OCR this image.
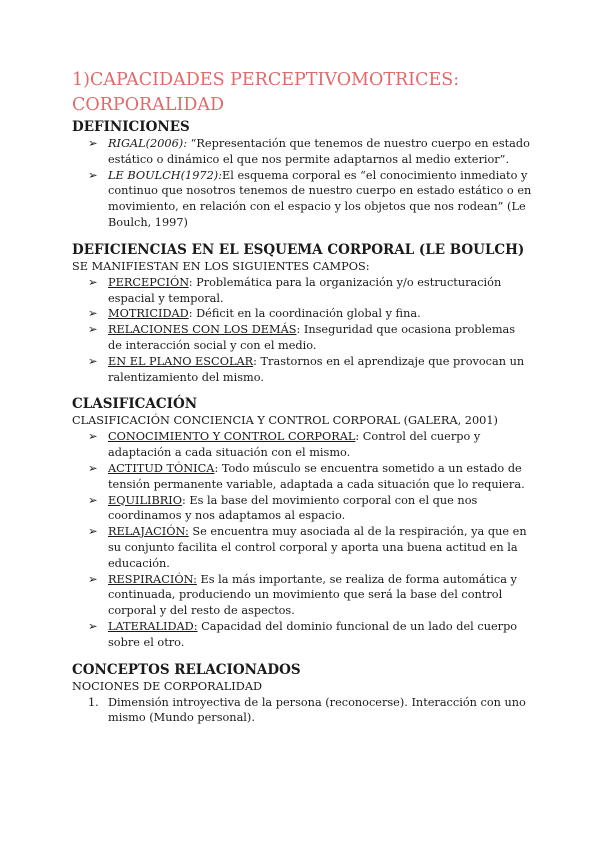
1)CAPACIDADES PERCEPTIVOMOTRICES:
CORPORALIDAD
DEFINICIONES
➢ RIGAL(2006): “Representación que tenemos de nuestro cuerpo en estado estático o dinámico el que nos permite adaptarnos al medio exterior”.
➢ LE BOULCH(1972):El esquema corporal es “el conocimiento inmediato y continuo que nosotros tenemos de nuestro cuerpo en estado estático o en movimiento, en relación con el espacio y los objetos que nos rodean” (Le Boulch, 1997)
DEFICIENCIAS EN EL ESQUEMA CORPORAL (LE BOULCH)

SE MANIFIESTAN EN LOS SIGUIENTES CAMPOS:

➢ PERCEPCIÓN: Problemática para la organización y/o estructuración espacial y temporal.
➢ MOTRICIDAD: Déficit en la coordinación global y fina.
➢ RELACIONES CON LOS DEMÁS: Inseguridad que ocasiona problemas de interacción social y con el medio.
➢ EN EL PLANO ESCOLAR: Trastornos en el aprendizaje que provocan un ralentizamiento del mismo.
CLASIFICACIÓN

CLASIFICACIÓN CONCIENCIA Y CONTROL CORPORAL (GALERA, 2001)

➢ CONOCIMIENTO Y CONTROL CORPORAL: Control del cuerpo y adaptación a cada situación con el mismo.
➢ ACTITUD TÓNICA: Todo músculo se encuentra sometido a un estado de tensión permanente variable, adaptada a cada situación que lo requiera.
➢ EQUILIBRIO: Es la base del movimiento corporal con el que nos coordinamos y nos adaptamos al espacio.
➢ RELAJACIÓN: Se encuentra muy asociada al de la respiración, ya que en su conjunto facilita el control corporal y aporta una buena actitud en la educación.
➢ RESPIRACIÓN: Es la más importante, se realiza de forma automática y continuada, produciendo un movimiento que será la base del control corporal y del resto de aspectos.
➢ LATERALIDAD: Capacidad del dominio funcional de un lado del cuerpo sobre el otro.
CONCEPTOS RELACIONADOS

NOCIONES DE CORPORALIDAD

1. Dimensión introyectiva de la persona (reconocerse). Interacción con uno mismo (Mundo personal).
